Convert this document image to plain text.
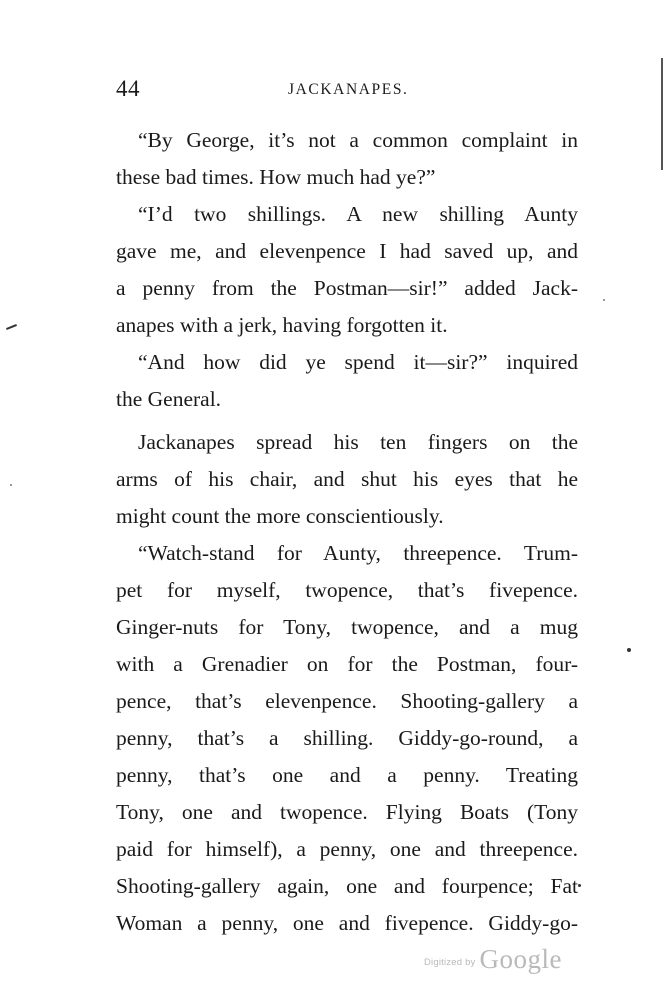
44	JACKANAPES.
“By George, it’s not a common complaint in
these bad times. How much had ye?”
“I’d two shillings. A new shilling Aunty
gave me, and elevenpence I had saved up, and
a penny from the Postman—sir!” added Jack-
anapes with a jerk, having forgotten it.
“And how did ye spend it—sir?” inquired
the General.
Jackanapes spread his ten fingers on the
arms of his chair, and shut his eyes that he
might count the more conscientiously.
“Watch-stand for Aunty, threepence. Trum-
pet for myself, twopence, that’s fivepence.
Ginger-nuts for Tony, twopence, and a mug
with a Grenadier on for the Postman, four-
pence, that’s elevenpence. Shooting-gallery a
penny, that’s a shilling. Giddy-go-round, a
penny, that’s one and a penny. Treating
Tony, one and twopence. Flying Boats (Tony
paid for himself), a penny, one and threepence.
Shooting-gallery again, one and fourpence; Fat
Woman a penny, one and fivepence. Giddy-go-
Digitized by Google
